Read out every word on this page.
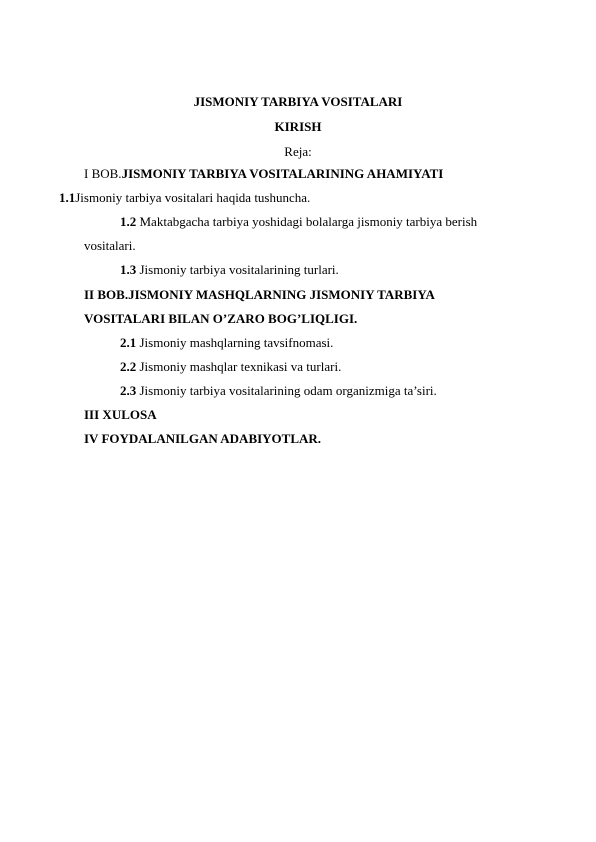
JISMONIY TARBIYA VOSITALARI
KIRISH
Reja:
I BOB.JISMONIY TARBIYA VOSITALARINING AHAMIYATI
1.1Jismoniy tarbiya vositalari haqida tushuncha.
1.2 Maktabgacha tarbiya yoshidagi bolalarga jismoniy tarbiya berish
vositalari.
1.3 Jismoniy tarbiya vositalarining turlari.
II BOB.JISMONIY MASHQLARNING JISMONIY TARBIYA
VOSITALARI BILAN O’ZARO BOG’LIQLIGI.
2.1 Jismoniy mashqlarning tavsifnomasi.
2.2 Jismoniy mashqlar texnikasi va turlari.
2.3 Jismoniy tarbiya vositalarining odam organizmiga ta’siri.
III XULOSA
IV FOYDALANILGAN ADABIYOTLAR.
